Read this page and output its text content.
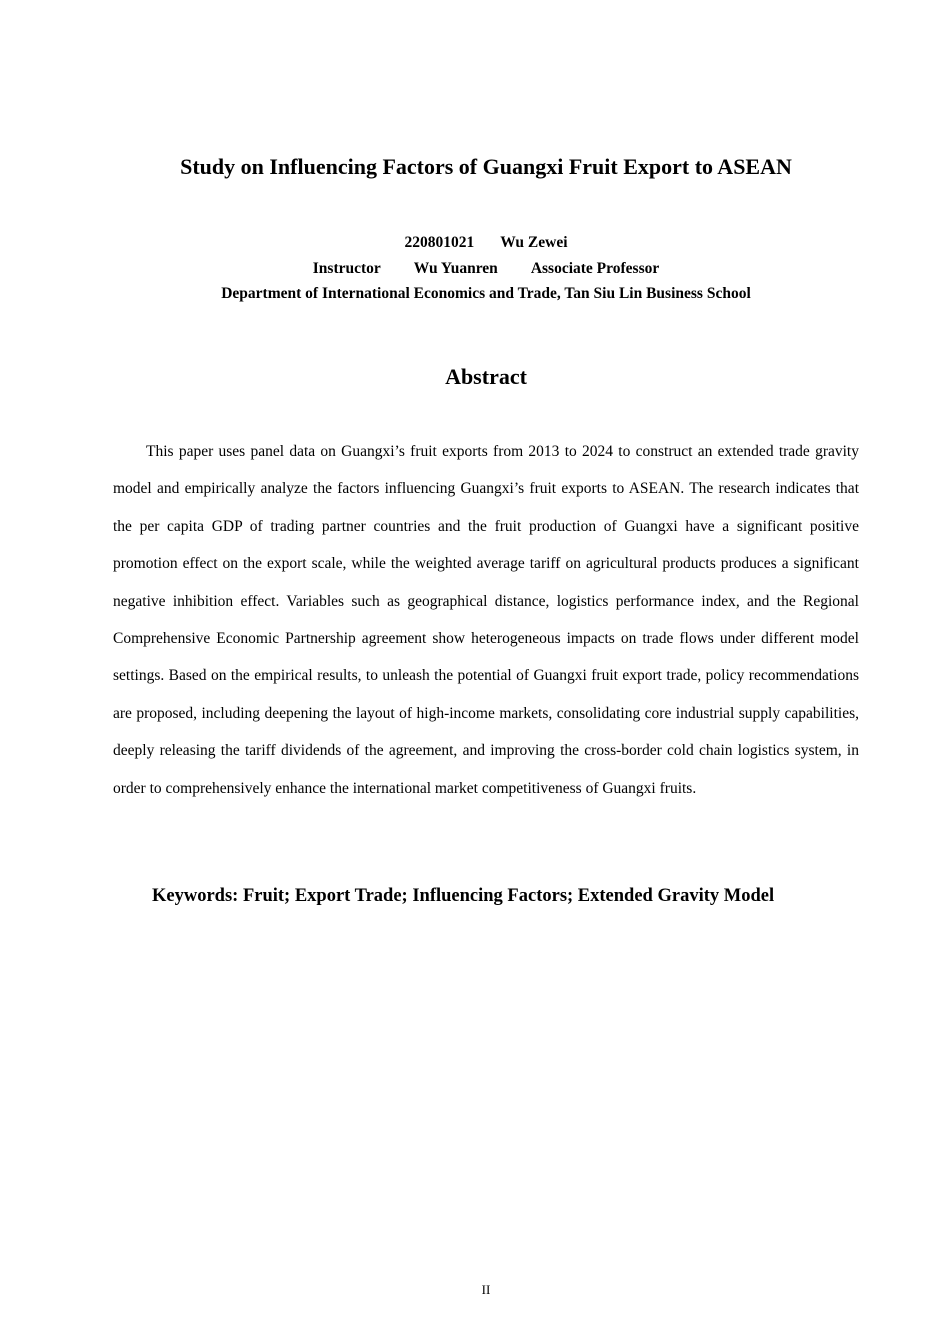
Study on Influencing Factors of Guangxi Fruit Export to ASEAN
220801021 Wu Zewei
Instructor Wu Yuanren Associate Professor
Department of International Economics and Trade, Tan Siu Lin Business School
Abstract

This paper uses panel data on Guangxi’s fruit exports from 2013 to 2024 to construct an extended trade gravity model and empirically analyze the factors influencing Guangxi’s fruit exports to ASEAN. The research indicates that the per capita GDP of trading partner countries and the fruit production of Guangxi have a significant positive promotion effect on the export scale, while the weighted average tariff on agricultural products produces a significant negative inhibition effect. Variables such as geographical distance, logistics performance index, and the Regional Comprehensive Economic Partnership agreement show heterogeneous impacts on trade flows under different model settings. Based on the empirical results, to unleash the potential of Guangxi fruit export trade, policy recommendations are proposed, including deepening the layout of high-income markets, consolidating core industrial supply capabilities, deeply releasing the tariff dividends of the agreement, and improving the cross-border cold chain logistics system, in order to comprehensively enhance the international market competitiveness of Guangxi fruits.

Keywords: Fruit; Export Trade; Influencing Factors; Extended Gravity Model
II
